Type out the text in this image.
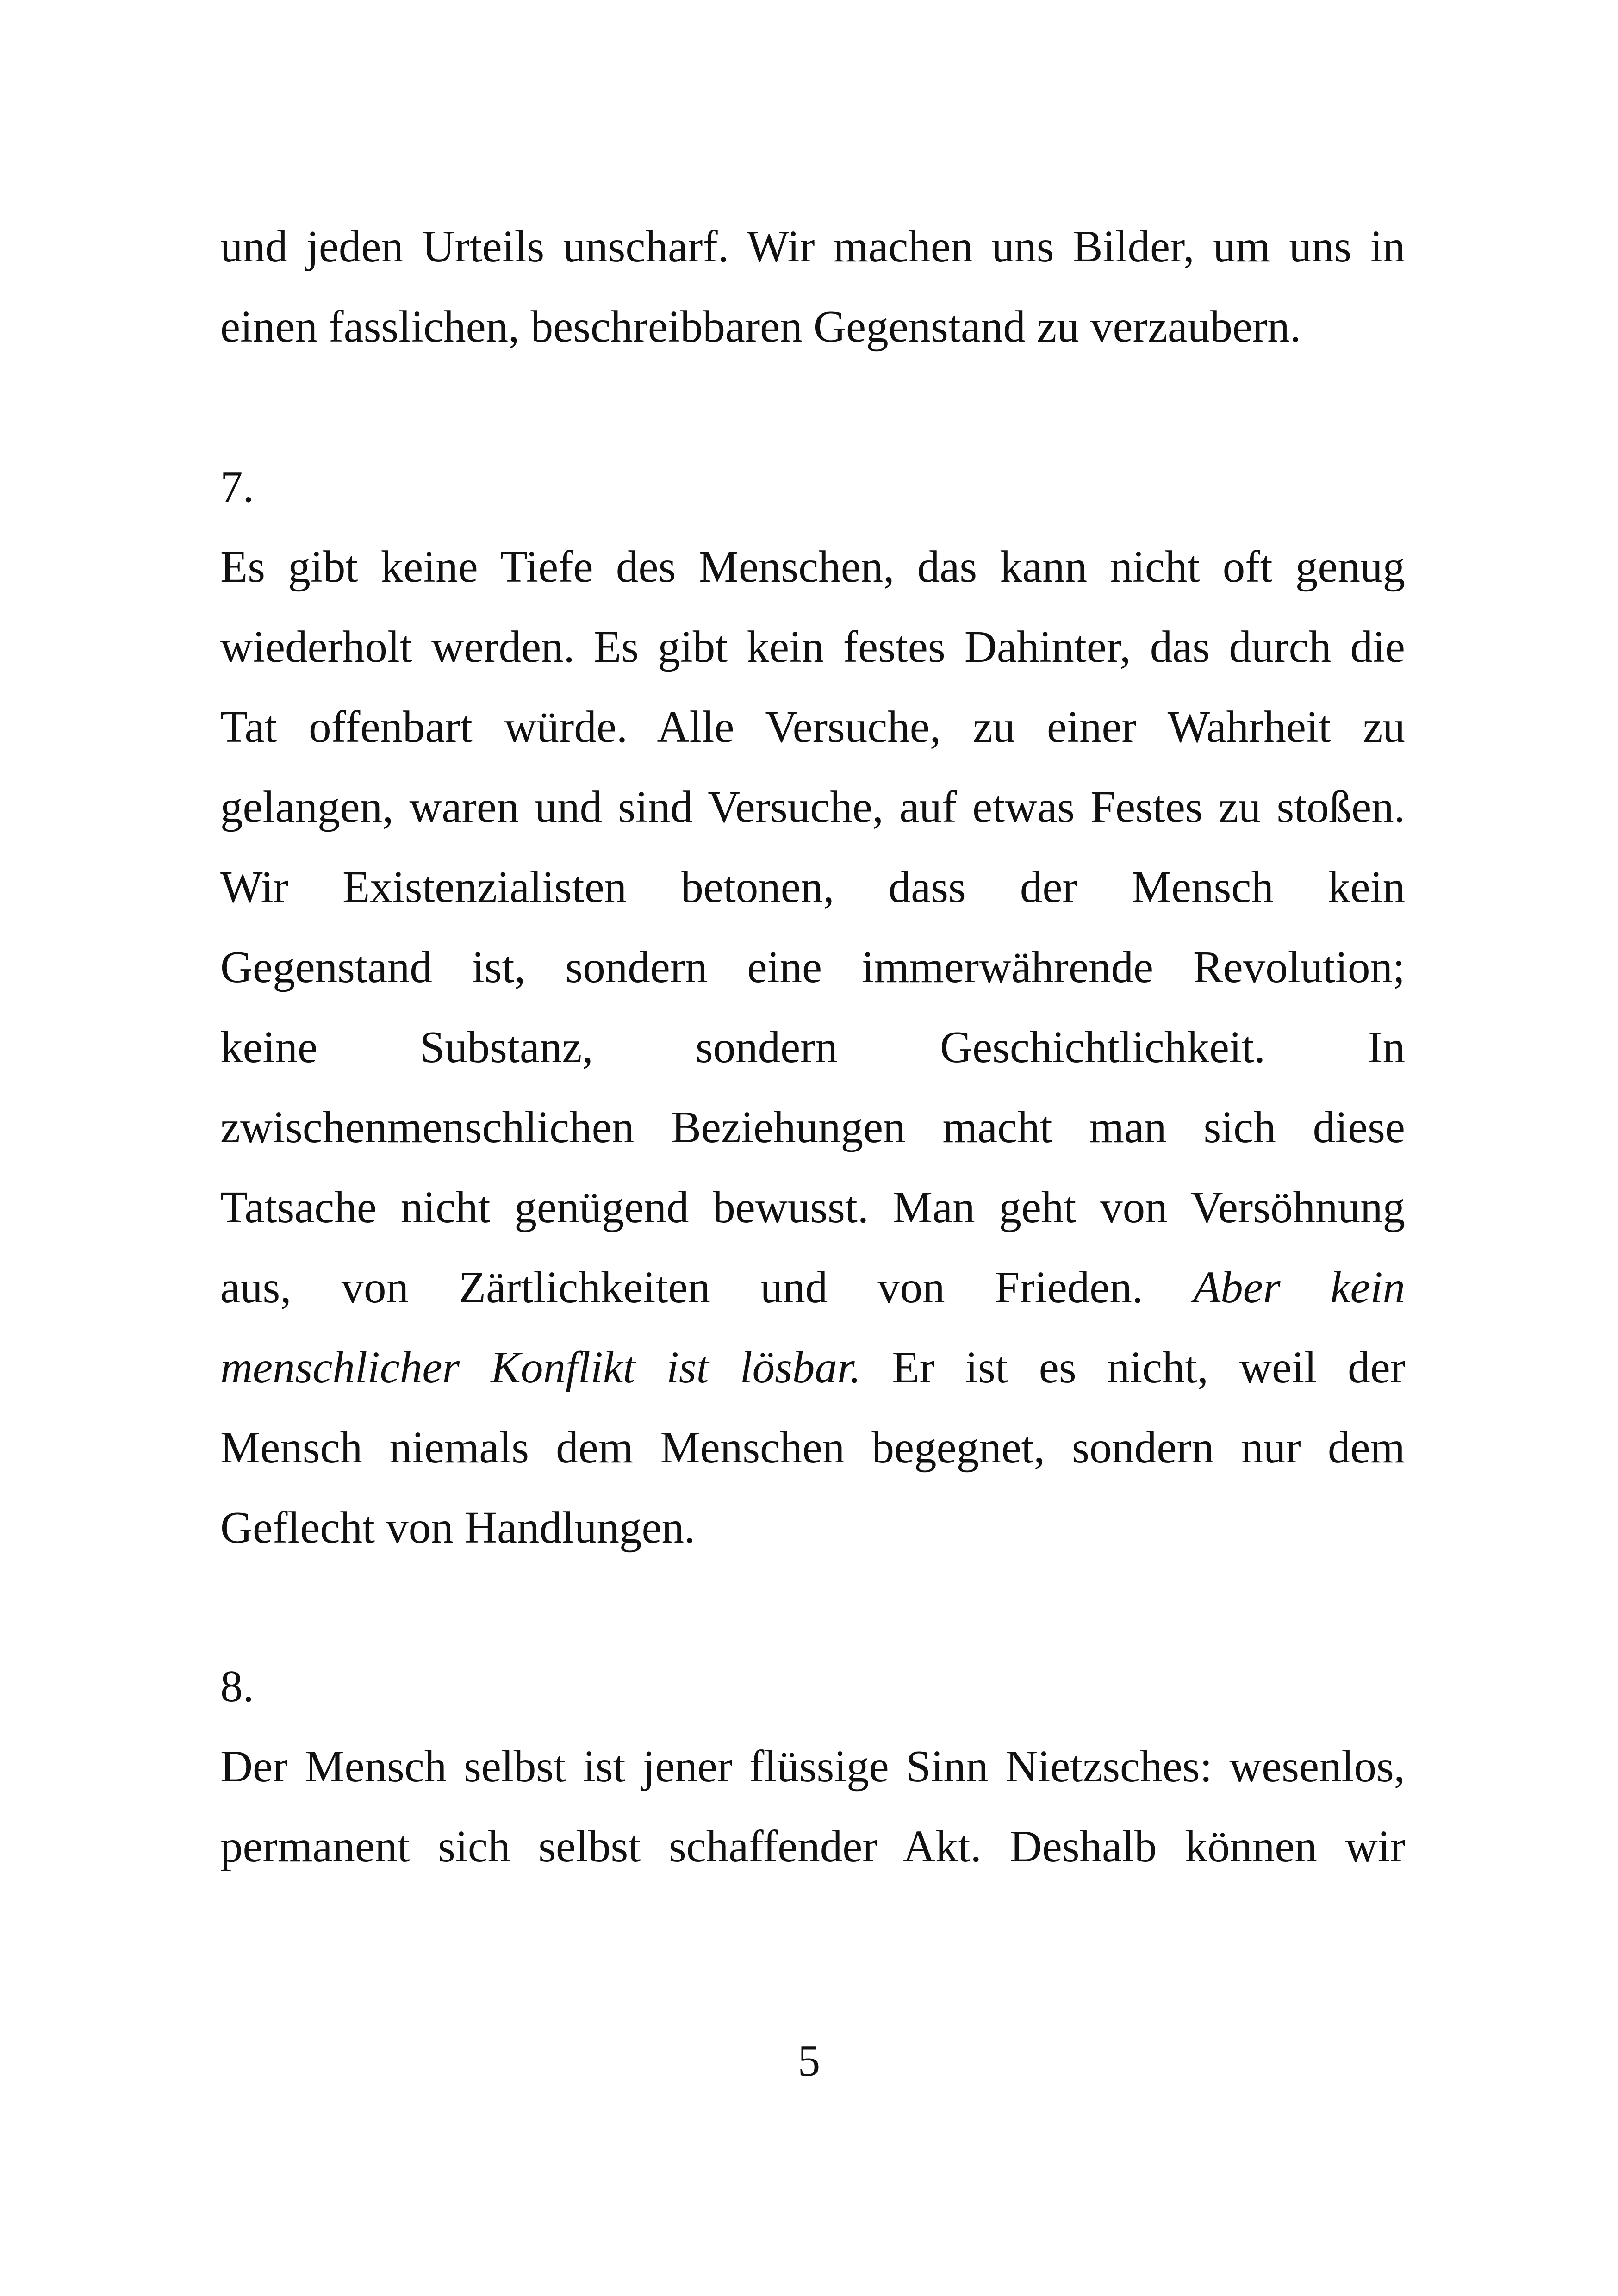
und jeden Urteils unscharf. Wir machen uns Bilder, um uns in
einen fasslichen, beschreibbaren Gegenstand zu verzaubern.
7.
Es gibt keine Tiefe des Menschen, das kann nicht oft genug
wiederholt werden. Es gibt kein festes Dahinter, das durch die
Tat offenbart würde. Alle Versuche, zu einer Wahrheit zu
gelangen, waren und sind Versuche, auf etwas Festes zu stoßen.
Wir Existenzialisten betonen, dass der Mensch kein
Gegenstand ist, sondern eine immerwährende Revolution;
keine Substanz, sondern Geschichtlichkeit. In
zwischenmenschlichen Beziehungen macht man sich diese
Tatsache nicht genügend bewusst. Man geht von Versöhnung
aus, von Zärtlichkeiten und von Frieden. Aber kein
menschlicher Konflikt ist lösbar. Er ist es nicht, weil der
Mensch niemals dem Menschen begegnet, sondern nur dem
Geflecht von Handlungen.
8.
Der Mensch selbst ist jener flüssige Sinn Nietzsches: wesenlos,
permanent sich selbst schaffender Akt. Deshalb können wir
5
